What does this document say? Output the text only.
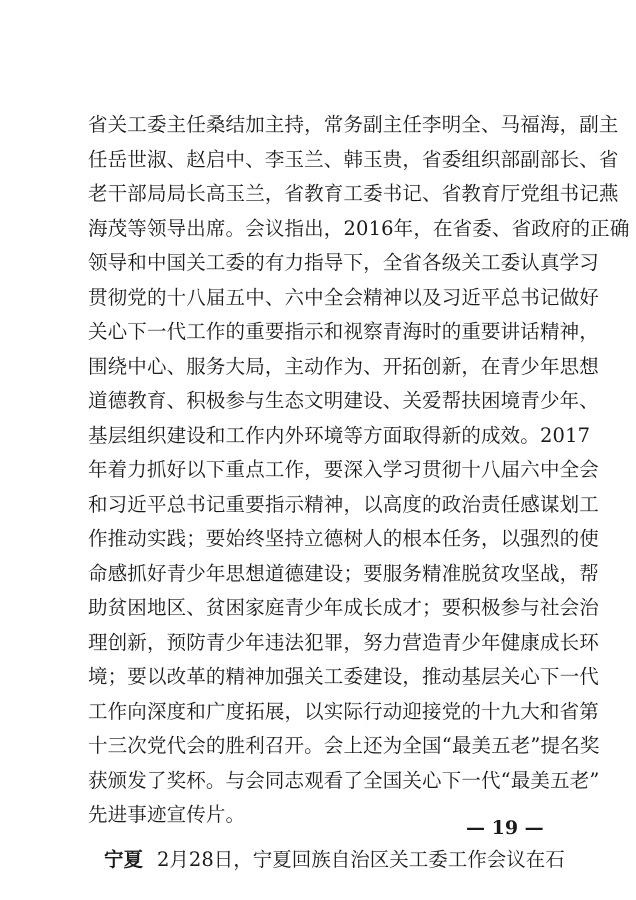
省关工委主任桑结加主持，常务副主任李明全、马福海，副主
任岳世淑、赵启中、李玉兰、韩玉贵，省委组织部副部长、省
老干部局局长高玉兰，省教育工委书记、省教育厅党组书记燕
海茂等领导出席。会议指出，2016年，在省委、省政府的正确
领导和中国关工委的有力指导下，全省各级关工委认真学习
贯彻党的十八届五中、六中全会精神以及习近平总书记做好
关心下一代工作的重要指示和视察青海时的重要讲话精神，
围绕中心、服务大局，主动作为、开拓创新，在青少年思想
道德教育、积极参与生态文明建设、关爱帮扶困境青少年、
基层组织建设和工作内外环境等方面取得新的成效。2017
年着力抓好以下重点工作，要深入学习贯彻十八届六中全会
和习近平总书记重要指示精神，以高度的政治责任感谋划工
作推动实践；要始终坚持立德树人的根本任务，以强烈的使
命感抓好青少年思想道德建设；要服务精准脱贫攻坚战，帮
助贫困地区、贫困家庭青少年成长成才；要积极参与社会治
理创新，预防青少年违法犯罪，努力营造青少年健康成长环
境；要以改革的精神加强关工委建设，推动基层关心下一代
工作向深度和广度拓展，以实际行动迎接党的十九大和省第
十三次党代会的胜利召开。会上还为全国“最美五老”提名奖
获颁发了奖杯。与会同志观看了全国关心下一代“最美五老”
先进事迹宣传片。
宁夏 2月28日，宁夏回族自治区关工委工作会议在石
— 19 —
